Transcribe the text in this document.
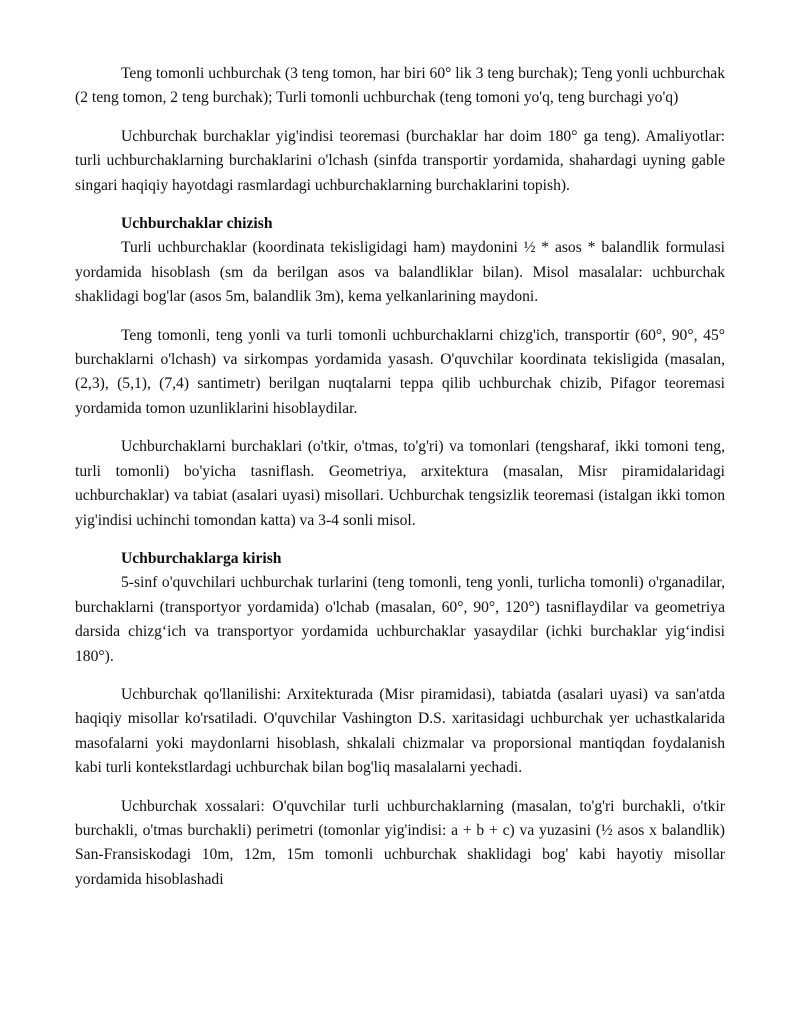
Teng tomonli uchburchak (3 teng tomon, har biri 60° lik 3 teng burchak); Teng yonli uchburchak (2 teng tomon, 2 teng burchak); Turli tomonli uchburchak (teng tomoni yo'q, teng burchagi yo'q)

Uchburchak burchaklar yig'indisi teoremasi (burchaklar har doim 180° ga teng). Amaliyotlar: turli uchburchaklarning burchaklarini o'lchash (sinfda transportir yordamida, shahardagi uyning gable singari haqiqiy hayotdagi rasmlardagi uchburchaklarning burchaklarini topish).

Uchburchaklar chizish

Turli uchburchaklar (koordinata tekisligidagi ham) maydonini ½ * asos * balandlik formulasi yordamida hisoblash (sm da berilgan asos va balandliklar bilan). Misol masalalar: uchburchak shaklidagi bog'lar (asos 5m, balandlik 3m), kema yelkanlarining maydoni.

Teng tomonli, teng yonli va turli tomonli uchburchaklarni chizg'ich, transportir (60°, 90°, 45° burchaklarni o'lchash) va sirkompas yordamida yasash. O'quvchilar koordinata tekisligida (masalan, (2,3), (5,1), (7,4) santimetr) berilgan nuqtalarni teppa qilib uchburchak chizib, Pifagor teoremasi yordamida tomon uzunliklarini hisoblaydilar.

Uchburchaklarni burchaklari (o'tkir, o'tmas, to'g'ri) va tomonlari (tengsharaf, ikki tomoni teng, turli tomonli) bo'yicha tasniflash. Geometriya, arxitektura (masalan, Misr piramidalaridagi uchburchaklar) va tabiat (asalari uyasi) misollari. Uchburchak tengsizlik teoremasi (istalgan ikki tomon yig'indisi uchinchi tomondan katta) va 3-4 sonli misol.

Uchburchaklarga kirish

5-sinf o'quvchilari uchburchak turlarini (teng tomonli, teng yonli, turlicha tomonli) o'rganadilar, burchaklarni (transportyor yordamida) o'lchab (masalan, 60°, 90°, 120°) tasniflaydilar va geometriya darsida chizg‘ich va transportyor yordamida uchburchaklar yasaydilar (ichki burchaklar yig‘indisi 180°).

Uchburchak qo'llanilishi: Arxitekturada (Misr piramidasi), tabiatda (asalari uyasi) va san'atda haqiqiy misollar ko'rsatiladi. O'quvchilar Vashington D.S. xaritasidagi uchburchak yer uchastkalarida masofalarni yoki maydonlarni hisoblash, shkalali chizmalar va proporsional mantiqdan foydalanish kabi turli kontekstlardagi uchburchak bilan bog'liq masalalarni yechadi.

Uchburchak xossalari: O'quvchilar turli uchburchaklarning (masalan, to'g'ri burchakli, o'tkir burchakli, o'tmas burchakli) perimetri (tomonlar yig'indisi: a + b + c) va yuzasini (½ asos x balandlik) San-Fransiskodagi 10m, 12m, 15m tomonli uchburchak shaklidagi bog' kabi hayotiy misollar yordamida hisoblashadi
